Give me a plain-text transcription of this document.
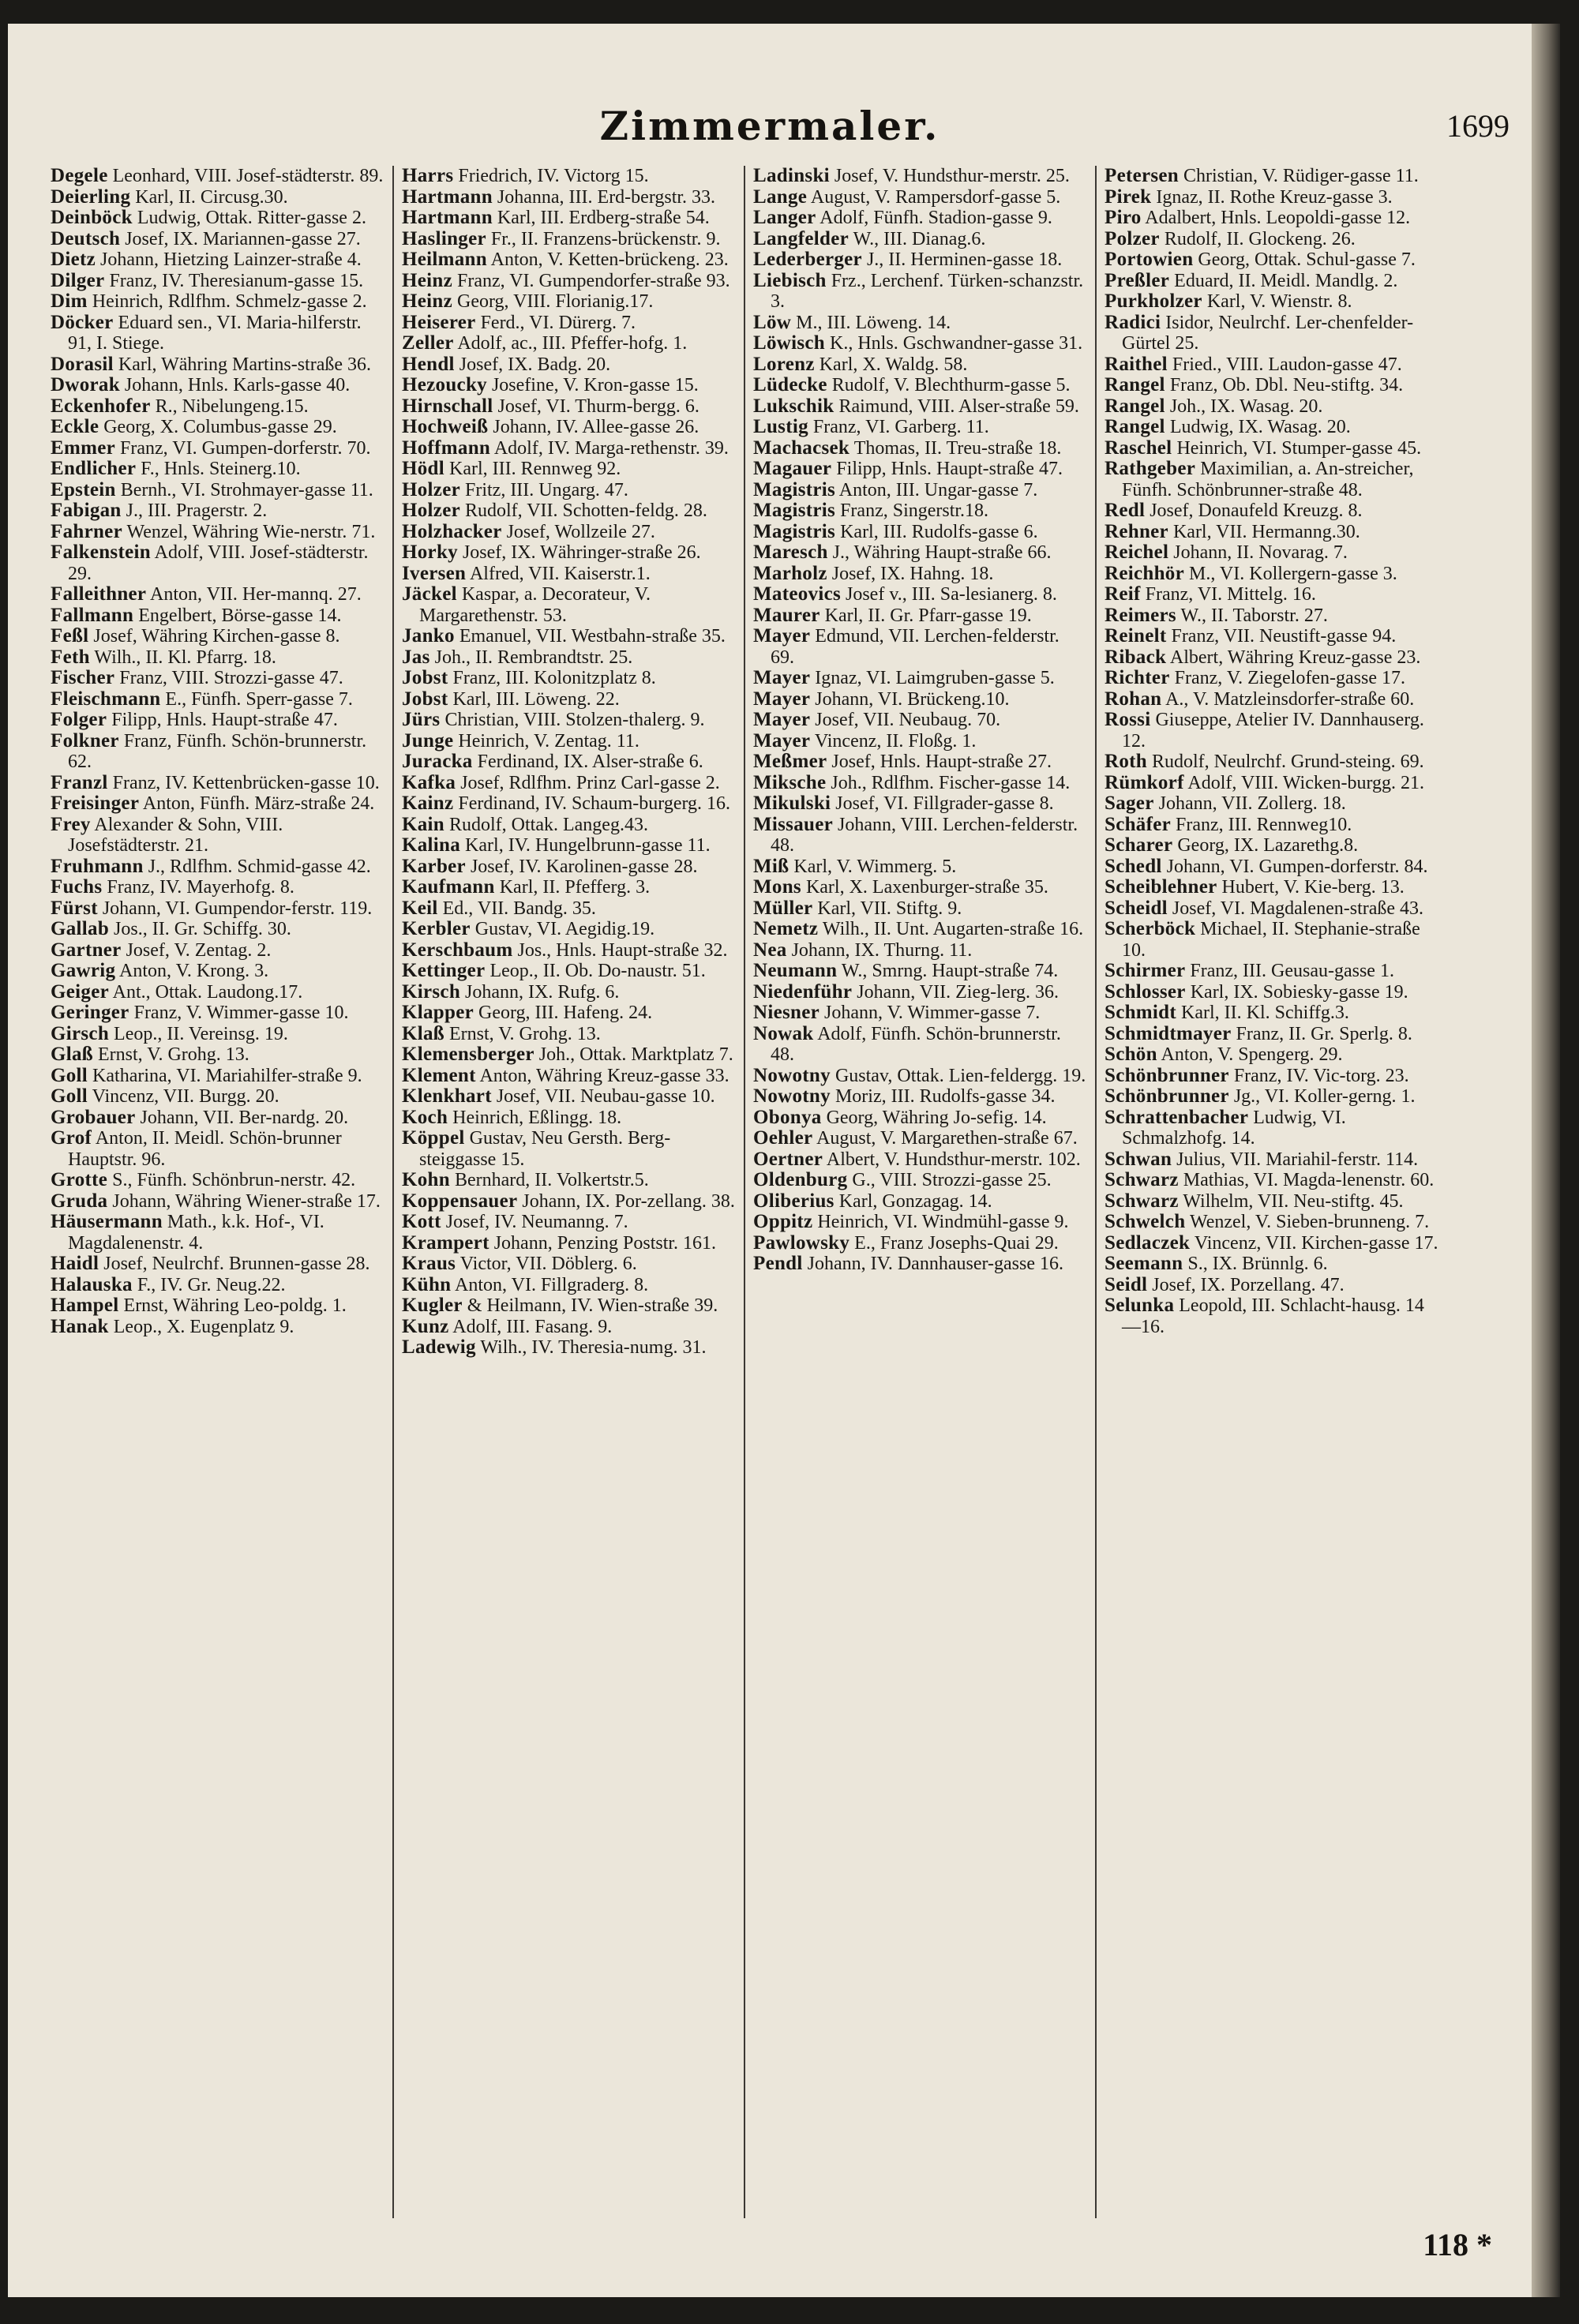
Zimmermaler.	1699
Degele Leonhard, VIII. Josef-städterstr. 89.
Deierling Karl, II. Circusg.30.
Deinböck Ludwig, Ottak. Ritter-gasse 2.
Deutsch Josef, IX. Mariannen-gasse 27.
Dietz Johann, Hietzing Lainzer-straße 4.
Dilger Franz, IV. Theresianum-gasse 15.
Dim Heinrich, Rdlfhm. Schmelz-gasse 2.
Döcker Eduard sen., VI. Maria-hilferstr. 91, I. Stiege.
Dorasil Karl, Währing Martins-straße 36.
Dworak Johann, Hnls. Karls-gasse 40.
Eckenhofer R., Nibelungeng.15.
Eckle Georg, X. Columbus-gasse 29.
Emmer Franz, VI. Gumpen-dorferstr. 70.
Endlicher F., Hnls. Steinerg.10.
Epstein Bernh., VI. Strohmayer-gasse 11.
Fabigan J., III. Pragerstr. 2.
Fahrner Wenzel, Währing Wie-nerstr. 71.
Falkenstein Adolf, VIII. Josef-städterstr. 29.
Falleithner Anton, VII. Her-mannq. 27.
Fallmann Engelbert, Börse-gasse 14.
Feßl Josef, Währing Kirchen-gasse 8.
Feth Wilh., II. Kl. Pfarrg. 18.
Fischer Franz, VIII. Strozzi-gasse 47.
Fleischmann E., Fünfh. Sperr-gasse 7.
Folger Filipp, Hnls. Haupt-straße 47.
Folkner Franz, Fünfh. Schön-brunnerstr. 62.
Franzl Franz, IV. Kettenbrücken-gasse 10.
Freisinger Anton, Fünfh. März-straße 24.
Frey Alexander & Sohn, VIII. Josefstädterstr. 21.
Fruhmann J., Rdlfhm. Schmid-gasse 42.
Fuchs Franz, IV. Mayerhofg. 8.
Fürst Johann, VI. Gumpendor-ferstr. 119.
Gallab Jos., II. Gr. Schiffg. 30.
Gartner Josef, V. Zentag. 2.
Gawrig Anton, V. Krong. 3.
Geiger Ant., Ottak. Laudong.17.
Geringer Franz, V. Wimmer-gasse 10.
Girsch Leop., II. Vereinsg. 19.
Glaß Ernst, V. Grohg. 13.
Goll Katharina, VI. Mariahilfer-straße 9.
Goll Vincenz, VII. Burgg. 20.
Grobauer Johann, VII. Ber-nardg. 20.
Grof Anton, II. Meidl. Schön-brunner Hauptstr. 96.
Grotte S., Fünfh. Schönbrun-nerstr. 42.
Gruda Johann, Währing Wiener-straße 17.
Häusermann Math., k.k. Hof-, VI. Magdalenenstr. 4.
Haidl Josef, Neulrchf. Brunnen-gasse 28.
Halauska F., IV. Gr. Neug.22.
Hampel Ernst, Währing Leo-poldg. 1.
Hanak Leop., X. Eugenplatz 9.
Harrs Friedrich, IV. Victorg 15.
Hartmann Johanna, III. Erd-bergstr. 33.
Hartmann Karl, III. Erdberg-straße 54.
Haslinger Fr., II. Franzens-brückenstr. 9.
Heilmann Anton, V. Ketten-brückeng. 23.
Heinz Franz, VI. Gumpendorfer-straße 93.
Heinz Georg, VIII. Florianig.17.
Heiserer Ferd., VI. Dürerg. 7.
Zeller Adolf, ac., III. Pfeffer-hofg. 1.
Hendl Josef, IX. Badg. 20.
Hezoucky Josefine, V. Kron-gasse 15.
Hirnschall Josef, VI. Thurm-bergg. 6.
Hochweiß Johann, IV. Allee-gasse 26.
Hoffmann Adolf, IV. Marga-rethenstr. 39.
Hödl Karl, III. Rennweg 92.
Holzer Fritz, III. Ungarg. 47.
Holzer Rudolf, VII. Schotten-feldg. 28.
Holzhacker Josef, Wollzeile 27.
Horky Josef, IX. Währinger-straße 26.
Iversen Alfred, VII. Kaiserstr.1.
Jäckel Kaspar, a. Decorateur, V. Margarethenstr. 53.
Janko Emanuel, VII. Westbahn-straße 35.
Jas Joh., II. Rembrandtstr. 25.
Jobst Franz, III. Kolonitzplatz 8.
Jobst Karl, III. Löweng. 22.
Jürs Christian, VIII. Stolzen-thalerg. 9.
Junge Heinrich, V. Zentag. 11.
Juracka Ferdinand, IX. Alser-straße 6.
Kafka Josef, Rdlfhm. Prinz Carl-gasse 2.
Kainz Ferdinand, IV. Schaum-burgerg. 16.
Kain Rudolf, Ottak. Langeg.43.
Kalina Karl, IV. Hungelbrunn-gasse 11.
Karber Josef, IV. Karolinen-gasse 28.
Kaufmann Karl, II. Pfefferg. 3.
Keil Ed., VII. Bandg. 35.
Kerbler Gustav, VI. Aegidig.19.
Kerschbaum Jos., Hnls. Haupt-straße 32.
Kettinger Leop., II. Ob. Do-naustr. 51.
Kirsch Johann, IX. Rufg. 6.
Klapper Georg, III. Hafeng. 24.
Klaß Ernst, V. Grohg. 13.
Klemensberger Joh., Ottak. Marktplatz 7.
Klement Anton, Währing Kreuz-gasse 33.
Klenkhart Josef, VII. Neubau-gasse 10.
Koch Heinrich, Eßlingg. 18.
Köppel Gustav, Neu Gersth. Berg-steiggasse 15.
Kohn Bernhard, II. Volkertstr.5.
Koppensauer Johann, IX. Por-zellang. 38.
Kott Josef, IV. Neumanng. 7.
Krampert Johann, Penzing Poststr. 161.
Kraus Victor, VII. Döblerg. 6.
Kühn Anton, VI. Fillgraderg. 8.
Kugler & Heilmann, IV. Wien-straße 39.
Kunz Adolf, III. Fasang. 9.
Ladewig Wilh., IV. Theresia-numg. 31.
Ladinski Josef, V. Hundsthur-merstr. 25.
Lange August, V. Rampersdorf-gasse 5.
Langer Adolf, Fünfh. Stadion-gasse 9.
Langfelder W., III. Dianag.6.
Lederberger J., II. Herminen-gasse 18.
Liebisch Frz., Lerchenf. Türken-schanzstr. 3.
Löw M., III. Löweng. 14.
Löwisch K., Hnls. Gschwandner-gasse 31.
Lorenz Karl, X. Waldg. 58.
Lüdecke Rudolf, V. Blechthurm-gasse 5.
Lukschik Raimund, VIII. Alser-straße 59.
Lustig Franz, VI. Garberg. 11.
Machacsek Thomas, II. Treu-straße 18.
Magauer Filipp, Hnls. Haupt-straße 47.
Magistris Anton, III. Ungar-gasse 7.
Magistris Franz, Singerstr.18.
Magistris Karl, III. Rudolfs-gasse 6.
Maresch J., Währing Haupt-straße 66.
Marholz Josef, IX. Hahng. 18.
Mateovics Josef v., III. Sa-lesianerg. 8.
Maurer Karl, II. Gr. Pfarr-gasse 19.
Mayer Edmund, VII. Lerchen-felderstr. 69.
Mayer Ignaz, VI. Laimgruben-gasse 5.
Mayer Johann, VI. Brückeng.10.
Mayer Josef, VII. Neubaug. 70.
Mayer Vincenz, II. Floßg. 1.
Meßmer Josef, Hnls. Haupt-straße 27.
Mikschе Joh., Rdlfhm. Fischer-gasse 14.
Mikulski Josef, VI. Fillgrader-gasse 8.
Missauer Johann, VIII. Lerchen-felderstr. 48.
Miß Karl, V. Wimmerg. 5.
Mons Karl, X. Laxenburger-straße 35.
Müller Karl, VII. Stiftg. 9.
Nemetz Wilh., II. Unt. Augarten-straße 16.
Nea Johann, IX. Thurng. 11.
Neumann W., Smrng. Haupt-straße 74.
Niedenführ Johann, VII. Zieg-lerg. 36.
Niesner Johann, V. Wimmer-gasse 7.
Nowak Adolf, Fünfh. Schön-brunnerstr. 48.
Nowotny Gustav, Ottak. Lien-feldergg. 19.
Nowotny Moriz, III. Rudolfs-gasse 34.
Obonya Georg, Währing Jo-sefig. 14.
Oehler August, V. Margarethen-straße 67.
Oertner Albert, V. Hundsthur-merstr. 102.
Oldenburg G., VIII. Strozzi-gasse 25.
Oliberius Karl, Gonzagag. 14.
Oppitz Heinrich, VI. Windmühl-gasse 9.
Pawlowsky E., Franz Josephs-Quai 29.
Pendl Johann, IV. Dannhauser-gasse 16.
Petersen Christian, V. Rüdiger-gasse 11.
Pirek Ignaz, II. Rothe Kreuz-gasse 3.
Piro Adalbert, Hnls. Leopoldi-gasse 12.
Polzer Rudolf, II. Glockeng. 26.
Portowien Georg, Ottak. Schul-gasse 7.
Preßler Eduard, II. Meidl. Mandlg. 2.
Purkholzer Karl, V. Wienstr. 8.
Radici Isidor, Neulrchf. Ler-chenfelder-Gürtel 25.
Raithel Fried., VIII. Laudon-gasse 47.
Rangel Franz, Ob. Dbl. Neu-stiftg. 34.
Rangel Joh., IX. Wasag. 20.
Rangel Ludwig, IX. Wasag. 20.
Raschel Heinrich, VI. Stumper-gasse 45.
Rathgeber Maximilian, a. An-streicher, Fünfh. Schönbrunner-straße 48.
Redl Josef, Donaufeld Kreuzg. 8.
Rehner Karl, VII. Hermanng.30.
Reichel Johann, II. Novarag. 7.
Reichhör M., VI. Kollergern-gasse 3.
Reif Franz, VI. Mittelg. 16.
Reimers W., II. Taborstr. 27.
Reinelt Franz, VII. Neustift-gasse 94.
Riback Albert, Währing Kreuz-gasse 23.
Richter Franz, V. Ziegelofen-gasse 17.
Rohan A., V. Matzleinsdorfer-straße 60.
Rossi Giuseppe, Atelier IV. Dannhauserg. 12.
Roth Rudolf, Neulrchf. Grund-steing. 69.
Rümkorf Adolf, VIII. Wicken-burgg. 21.
Sager Johann, VII. Zollerg. 18.
Schäfer Franz, III. Rennweg10.
Scharer Georg, IX. Lazarethg.8.
Schedl Johann, VI. Gumpen-dorferstr. 84.
Scheiblehner Hubert, V. Kie-berg. 13.
Scheidl Josef, VI. Magdalenen-straße 43.
Scherböck Michael, II. Stephanie-straße 10.
Schirmer Franz, III. Geusau-gasse 1.
Schlosser Karl, IX. Sobiesky-gasse 19.
Schmidt Karl, II. Kl. Schiffg.3.
Schmidtmayer Franz, II. Gr. Sperlg. 8.
Schön Anton, V. Spengerg. 29.
Schönbrunner Franz, IV. Vic-torg. 23.
Schönbrunner Jg., VI. Koller-gerng. 1.
Schrattenbacher Ludwig, VI. Schmalzhofg. 14.
Schwan Julius, VII. Mariahil-ferstr. 114.
Schwarz Mathias, VI. Magda-lenenstr. 60.
Schwarz Wilhelm, VII. Neu-stiftg. 45.
Schwelch Wenzel, V. Sieben-brunneng. 7.
Sedlaczek Vincenz, VII. Kirchen-gasse 17.
Seemann S., IX. Brünnlg. 6.
Seidl Josef, IX. Porzellang. 47.
Selunka Leopold, III. Schlacht-hausg. 14—16.
118 *
